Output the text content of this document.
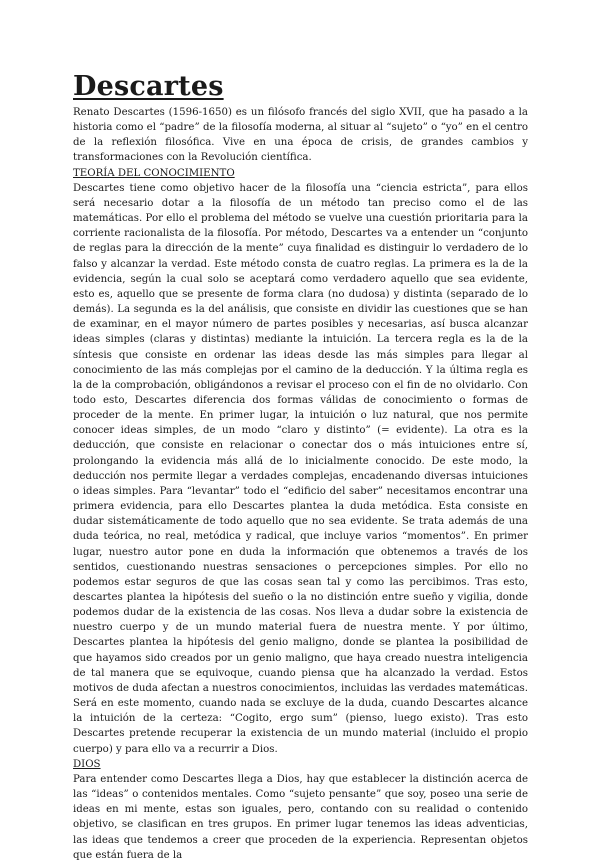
Descartes

Renato Descartes (1596-1650) es un filósofo francés del siglo XVII, que ha pasado a la historia como el “padre” de la filosofía moderna, al situar al “sujeto” o “yo” en el centro de la reflexión filosófica. Vive en una época de crisis, de grandes cambios y transformaciones con la Revolución científica.

TEORÍA DEL CONOCIMIENTO

Descartes tiene como objetivo hacer de la filosofía una “ciencia estricta”, para ellos será necesario dotar a la filosofía de un método tan preciso como el de las matemáticas. Por ello el problema del método se vuelve una cuestión prioritaria para la corriente racionalista de la filosofía. Por método, Descartes va a entender un “conjunto de reglas para la dirección de la mente” cuya finalidad es distinguir lo verdadero de lo falso y alcanzar la verdad. Este método consta de cuatro reglas. La primera es la de la evidencia, según la cual solo se aceptará como verdadero aquello que sea evidente, esto es, aquello que se presente de forma clara (no dudosa) y distinta (separado de lo demás). La segunda es la del análisis, que consiste en dividir las cuestiones que se han de examinar, en el mayor número de partes posibles y necesarias, así busca alcanzar ideas simples (claras y distintas) mediante la intuición. La tercera regla es la de la síntesis que consiste en ordenar las ideas desde las más simples para llegar al conocimiento de las más complejas por el camino de la deducción. Y la última regla es la de la comprobación, obligándonos a revisar el proceso con el fin de no olvidarlo. Con todo esto, Descartes diferencia dos formas válidas de conocimiento o formas de proceder de la mente. En primer lugar, la intuición o luz natural, que nos permite conocer ideas simples, de un modo “claro y distinto” (= evidente). La otra es la deducción, que consiste en relacionar o conectar dos o más intuiciones entre sí, prolongando la evidencia más allá de lo inicialmente conocido. De este modo, la deducción nos permite llegar a verdades complejas, encadenando diversas intuiciones o ideas simples. Para “levantar” todo el “edificio del saber” necesitamos encontrar una primera evidencia, para ello Descartes plantea la duda metódica. Esta consiste en dudar sistemáticamente de todo aquello que no sea evidente. Se trata además de una duda teórica, no real, metódica y radical, que incluye varios “momentos”. En primer lugar, nuestro autor pone en duda la información que obtenemos a través de los sentidos, cuestionando nuestras sensaciones o percepciones simples. Por ello no podemos estar seguros de que las cosas sean tal y como las percibimos. Tras esto, descartes plantea la hipótesis del sueño o la no distinción entre sueño y vigilia, donde podemos dudar de la existencia de las cosas. Nos lleva a dudar sobre la existencia de nuestro cuerpo y de un mundo material fuera de nuestra mente. Y por último, Descartes plantea la hipótesis del genio maligno, donde se plantea la posibilidad de que hayamos sido creados por un genio maligno, que haya creado nuestra inteligencia de tal manera que se equivoque, cuando piensa que ha alcanzado la verdad. Estos motivos de duda afectan a nuestros conocimientos, incluidas las verdades matemáticas. Será en este momento, cuando nada se excluye de la duda, cuando Descartes alcance la intuición de la certeza: “Cogito, ergo sum” (pienso, luego existo). Tras esto Descartes pretende recuperar la existencia de un mundo material (incluido el propio cuerpo) y para ello va a recurrir a Dios.

DIOS

Para entender como Descartes llega a Dios, hay que establecer la distinción acerca de las “ideas” o contenidos mentales. Como “sujeto pensante” que soy, poseo una serie de ideas en mi mente, estas son iguales, pero, contando con su realidad o contenido objetivo, se clasifican en tres grupos. En primer lugar tenemos las ideas adventicias, las ideas que tendemos a creer que proceden de la experiencia. Representan objetos que están fuera de la
